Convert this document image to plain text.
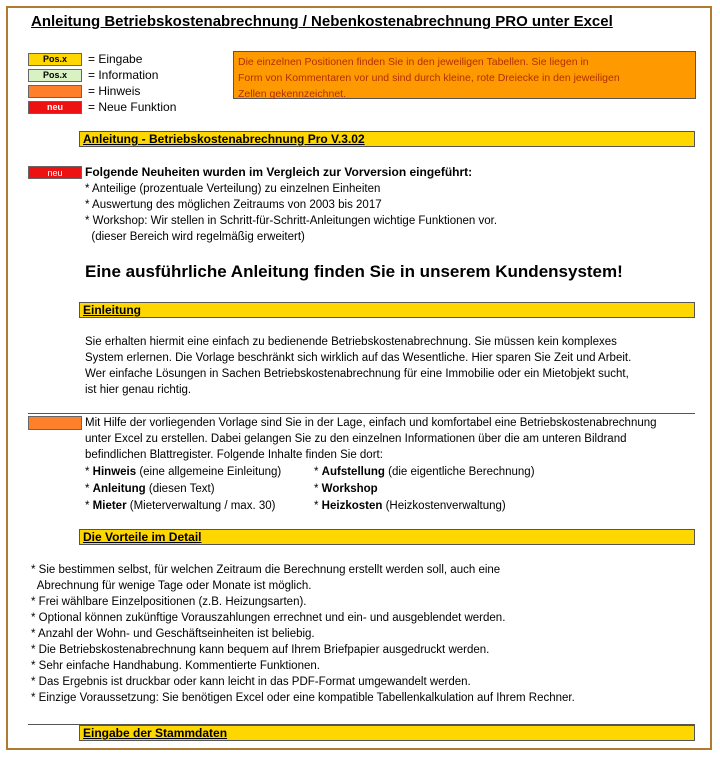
Anleitung Betriebskostenabrechnung / Nebenkostenabrechnung PRO unter Excel
Pos.x	= Eingabe
Pos.x	= Information
= Hinweis
neu	= Neue Funktion
Die einzelnen Positionen finden Sie in den jeweiligen Tabellen. Sie liegen in
Form von Kommentaren vor und sind durch kleine, rote Dreiecke in den jeweiligen
Zellen gekennzeichnet.
Anleitung - Betriebskostenabrechnung Pro V.3.02
neu	Folgende Neuheiten wurden im Vergleich zur Vorversion eingeführt:
* Anteilige (prozentuale Verteilung) zu einzelnen Einheiten
* Auswertung des möglichen Zeitraums von 2003 bis 2017
* Workshop: Wir stellen in Schritt-für-Schritt-Anleitungen wichtige Funktionen vor.
(dieser Bereich wird regelmäßig erweitert)
Eine ausführliche Anleitung finden Sie in unserem Kundensystem!
Einleitung
Sie erhalten hiermit eine einfach zu bedienende Betriebskostenabrechnung. Sie müssen kein komplexes
System erlernen. Die Vorlage beschränkt sich wirklich auf das Wesentliche. Hier sparen Sie Zeit und Arbeit.
Wer einfache Lösungen in Sachen Betriebskostenabrechnung für eine Immobilie oder ein Mietobjekt sucht,
ist hier genau richtig.
Mit Hilfe der vorliegenden Vorlage sind Sie in der Lage, einfach und komfortabel eine Betriebskostenabrechnung
unter Excel zu erstellen. Dabei gelangen Sie zu den einzelnen Informationen über die am unteren Bildrand
befindlichen Blattregister. Folgende Inhalte finden Sie dort:
* Hinweis (eine allgemeine Einleitung)	* Aufstellung (die eigentliche Berechnung)
* Anleitung (diesen Text)	* Workshop
* Mieter (Mieterverwaltung / max. 30)	* Heizkosten (Heizkostenverwaltung)
Die Vorteile im Detail
* Sie bestimmen selbst, für welchen Zeitraum die Berechnung erstellt werden soll, auch eine
Abrechnung für wenige Tage oder Monate ist möglich.
* Frei wählbare Einzelpositionen (z.B. Heizungsarten).
* Optional können zukünftige Vorauszahlungen errechnet und ein- und ausgeblendet werden.
* Anzahl der Wohn- und Geschäftseinheiten ist beliebig.
* Die Betriebskostenabrechnung kann bequem auf Ihrem Briefpapier ausgedruckt werden.
* Sehr einfache Handhabung. Kommentierte Funktionen.
* Das Ergebnis ist druckbar oder kann leicht in das PDF-Format umgewandelt werden.
* Einzige Voraussetzung: Sie benötigen Excel oder eine kompatible Tabellenkalkulation auf Ihrem Rechner.
Eingabe der Stammdaten
